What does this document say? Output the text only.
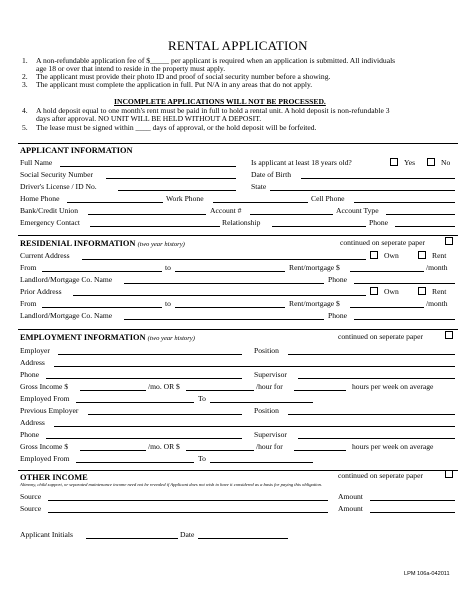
RENTAL APPLICATION
1. A non-refundable application fee of $_____ per applicant is required when an application is submitted. All individuals
age 18 or over that intend to reside in the property must apply.
2. The applicant must provide their photo ID and proof of social security number before a showing.
3. The applicant must complete the application in full. Put N/A in any areas that do not apply.
INCOMPLETE APPLICATIONS WILL NOT BE PROCESSED.
4. A hold deposit equal to one month's rent must be paid in full to hold a rental unit. A hold deposit is non-refundable 3
days after approval. NO UNIT WILL BE HELD WITHOUT A DEPOSIT.
5. The lease must be signed within ____ days of approval, or the hold deposit will be forfeited.
APPLICANT INFORMATION
Full Name	Is applicant at least 18 years old?	Yes	No
Social Security Number	Date of Birth
Driver's License / ID No.	State
Home Phone	Work Phone	Cell Phone
Bank/Credit Union	Account #	Account Type
Emergency Contact	Relationship	Phone
RESIDENIAL INFORMATION (two year history)	continued on seperate paper
Current Address	Own	Rent
From	to	Rent/mortgage $	/month
Landlord/Mortgage Co. Name	Phone
Prior Address	Own	Rent
From	to	Rent/mortgage $	/month
Landlord/Mortgage Co. Name	Phone
EMPLOYMENT INFORMATION (two year history)	continued on seperate paper
Employer	Position
Address
Phone	Supervisor
Gross Income $	/mo. OR $	/hour for	hours per week on average
Employed From	To
Previous Employer	Position
Address
Phone	Supervisor
Gross Income $	/mo. OR $	/hour for	hours per week on average
Employed From	To
OTHER INCOME	continued on seperate paper
Alimony, child support, or separated maintenance income need not be revealed if Applicant does not wish to have it considered as a basis for paying this obligation.
Source	Amount
Source	Amount
Applicant Initials	Date
LPM 106a-042011
